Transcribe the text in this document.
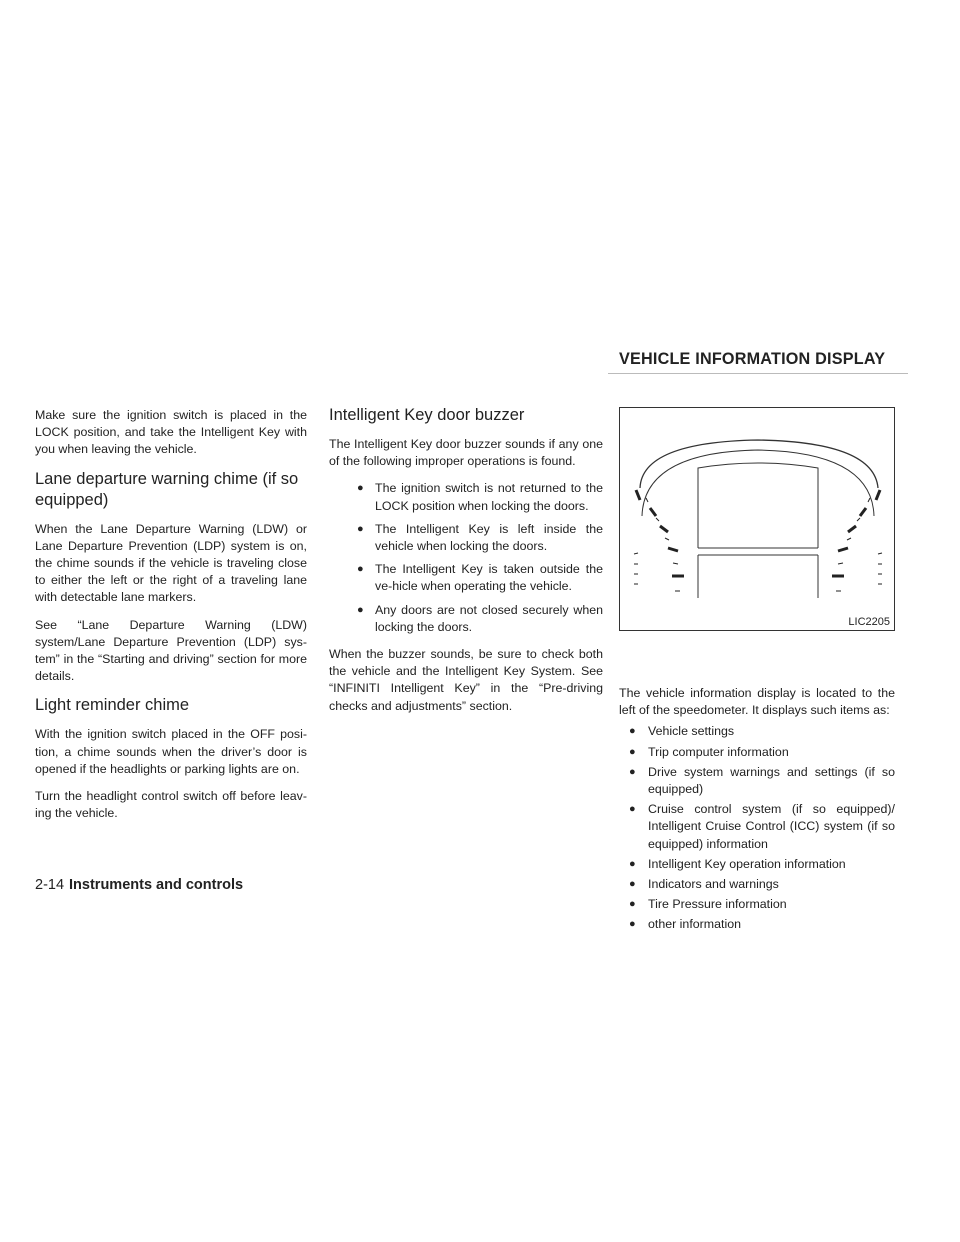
VEHICLE INFORMATION DISPLAY

Make sure the ignition switch is placed in the LOCK position, and take the Intelligent Key with you when leaving the vehicle.

Lane departure warning chime (if so equipped)

When the Lane Departure Warning (LDW) or Lane Departure Prevention (LDP) system is on, the chime sounds if the vehicle is traveling close to either the left or the right of a traveling lane with detectable lane markers.

See “Lane Departure Warning (LDW) system/Lane Departure Prevention (LDP) sys-tem” in the “Starting and driving” section for more details.

Light reminder chime

With the ignition switch placed in the OFF posi-tion, a chime sounds when the driver’s door is opened if the headlights or parking lights are on.

Turn the headlight control switch off before leav-ing the vehicle.

Intelligent Key door buzzer

The Intelligent Key door buzzer sounds if any one of the following improper operations is found.

● The ignition switch is not returned to the LOCK position when locking the doors.
● The Intelligent Key is left inside the vehicle when locking the doors.
● The Intelligent Key is taken outside the ve-hicle when operating the vehicle.
● Any doors are not closed securely when locking the doors.

When the buzzer sounds, be sure to check both the vehicle and the Intelligent Key System. See “INFINITI Intelligent Key” in the “Pre-driving checks and adjustments” section.

LIC2205

The vehicle information display is located to the left of the speedometer. It displays such items as:

● Vehicle settings
● Trip computer information
● Drive system warnings and settings (if so equipped)
● Cruise control system (if so equipped)/ Intelligent Cruise Control (ICC) system (if so equipped) information
● Intelligent Key operation information
● Indicators and warnings
● Tire Pressure information
● other information
2-14 Instruments and controls
